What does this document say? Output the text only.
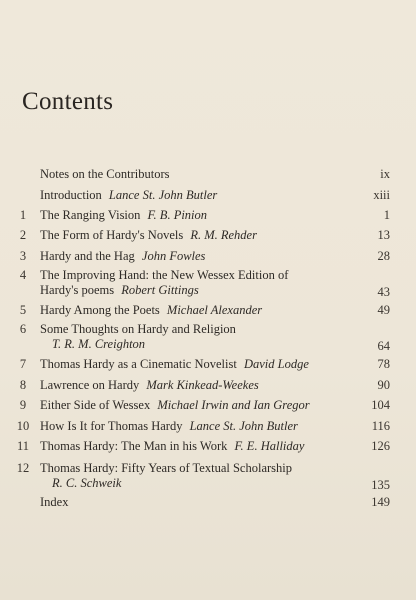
Contents
Notes on the Contributors	ix
Introduction Lance St. John Butler	xiii
1	The Ranging Vision F. B. Pinion	1
2	The Form of Hardy's Novels R. M. Rehder	13
3	Hardy and the Hag John Fowles	28
4	The Improving Hand: the New Wessex Edition of
Hardy's poems Robert Gittings	43
5	Hardy Among the Poets Michael Alexander	49
6	Some Thoughts on Hardy and Religion
T. R. M. Creighton	64
7	Thomas Hardy as a Cinematic Novelist David Lodge	78
8	Lawrence on Hardy Mark Kinkead-Weekes	90
9	Either Side of Wessex Michael Irwin and Ian Gregor	104
10 How Is It for Thomas Hardy Lance St. John Butler	116
11 Thomas Hardy: The Man in his Work F. E. Halliday	126
12 Thomas Hardy: Fifty Years of Textual Scholarship
R. C. Schweik	135
Index	149
